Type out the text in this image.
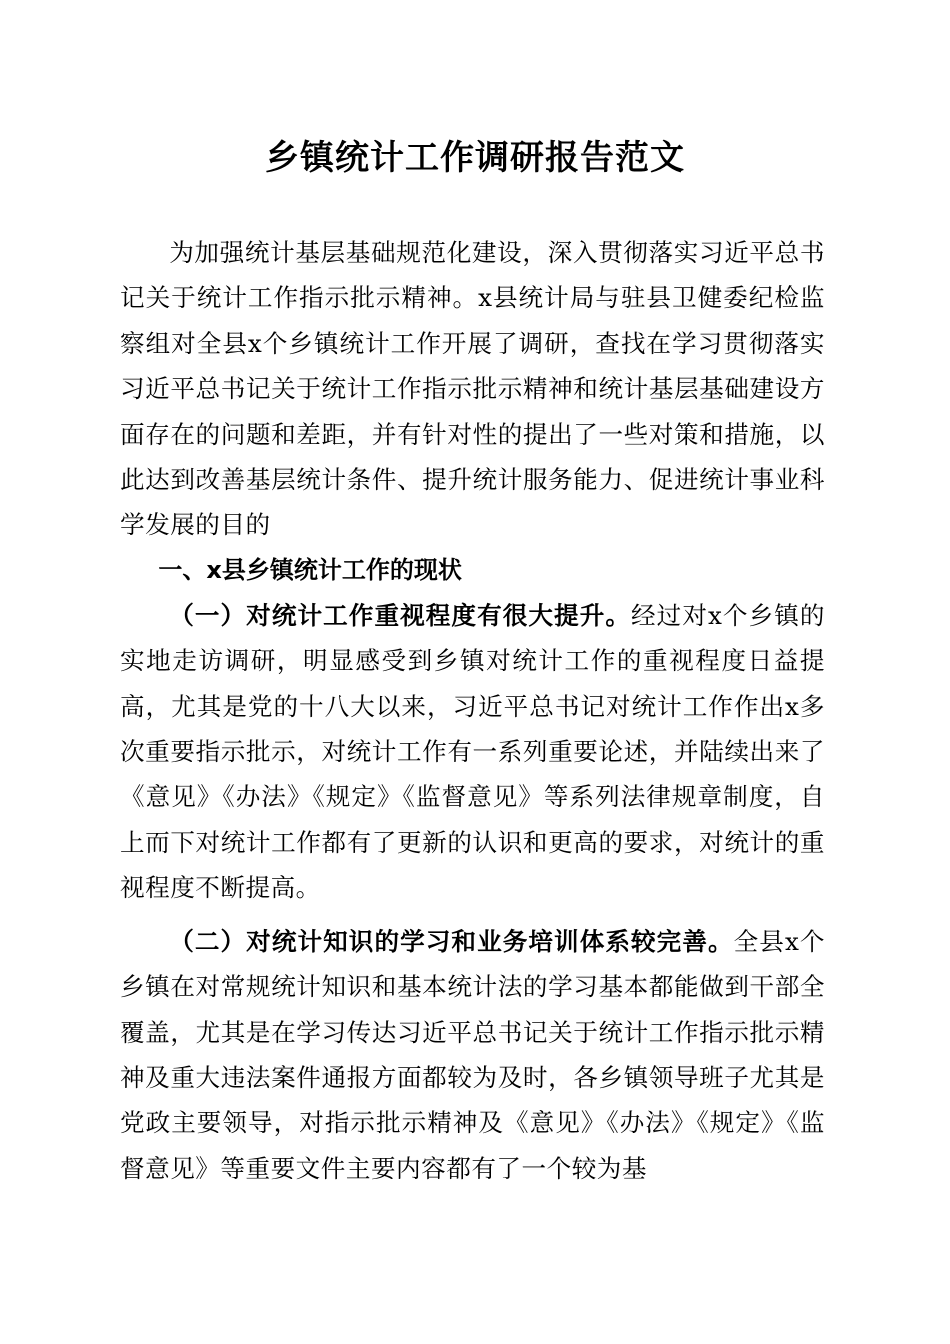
乡镇统计工作调研报告范文

为加强统计基层基础规范化建设，深入贯彻落实习近平总书记关于统计工作指示批示精神。x县统计局与驻县卫健委纪检监察组对全县x个乡镇统计工作开展了调研，查找在学习贯彻落实习近平总书记关于统计工作指示批示精神和统计基层基础建设方面存在的问题和差距，并有针对性的提出了一些对策和措施，以此达到改善基层统计条件、提升统计服务能力、促进统计事业科学发展的目的

一、x县乡镇统计工作的现状

（一）对统计工作重视程度有很大提升。经过对x个乡镇的实地走访调研，明显感受到乡镇对统计工作的重视程度日益提高，尤其是党的十八大以来，习近平总书记对统计工作作出x多次重要指示批示，对统计工作有一系列重要论述，并陆续出来了《意见》《办法》《规定》《监督意见》等系列法律规章制度，自上而下对统计工作都有了更新的认识和更高的要求，对统计的重视程度不断提高。

（二）对统计知识的学习和业务培训体系较完善。全县x个乡镇在对常规统计知识和基本统计法的学习基本都能做到干部全覆盖，尤其是在学习传达习近平总书记关于统计工作指示批示精神及重大违法案件通报方面都较为及时，各乡镇领导班子尤其是党政主要领导，对指示批示精神及《意见》《办法》《规定》《监督意见》等重要文件主要内容都有了一个较为基
